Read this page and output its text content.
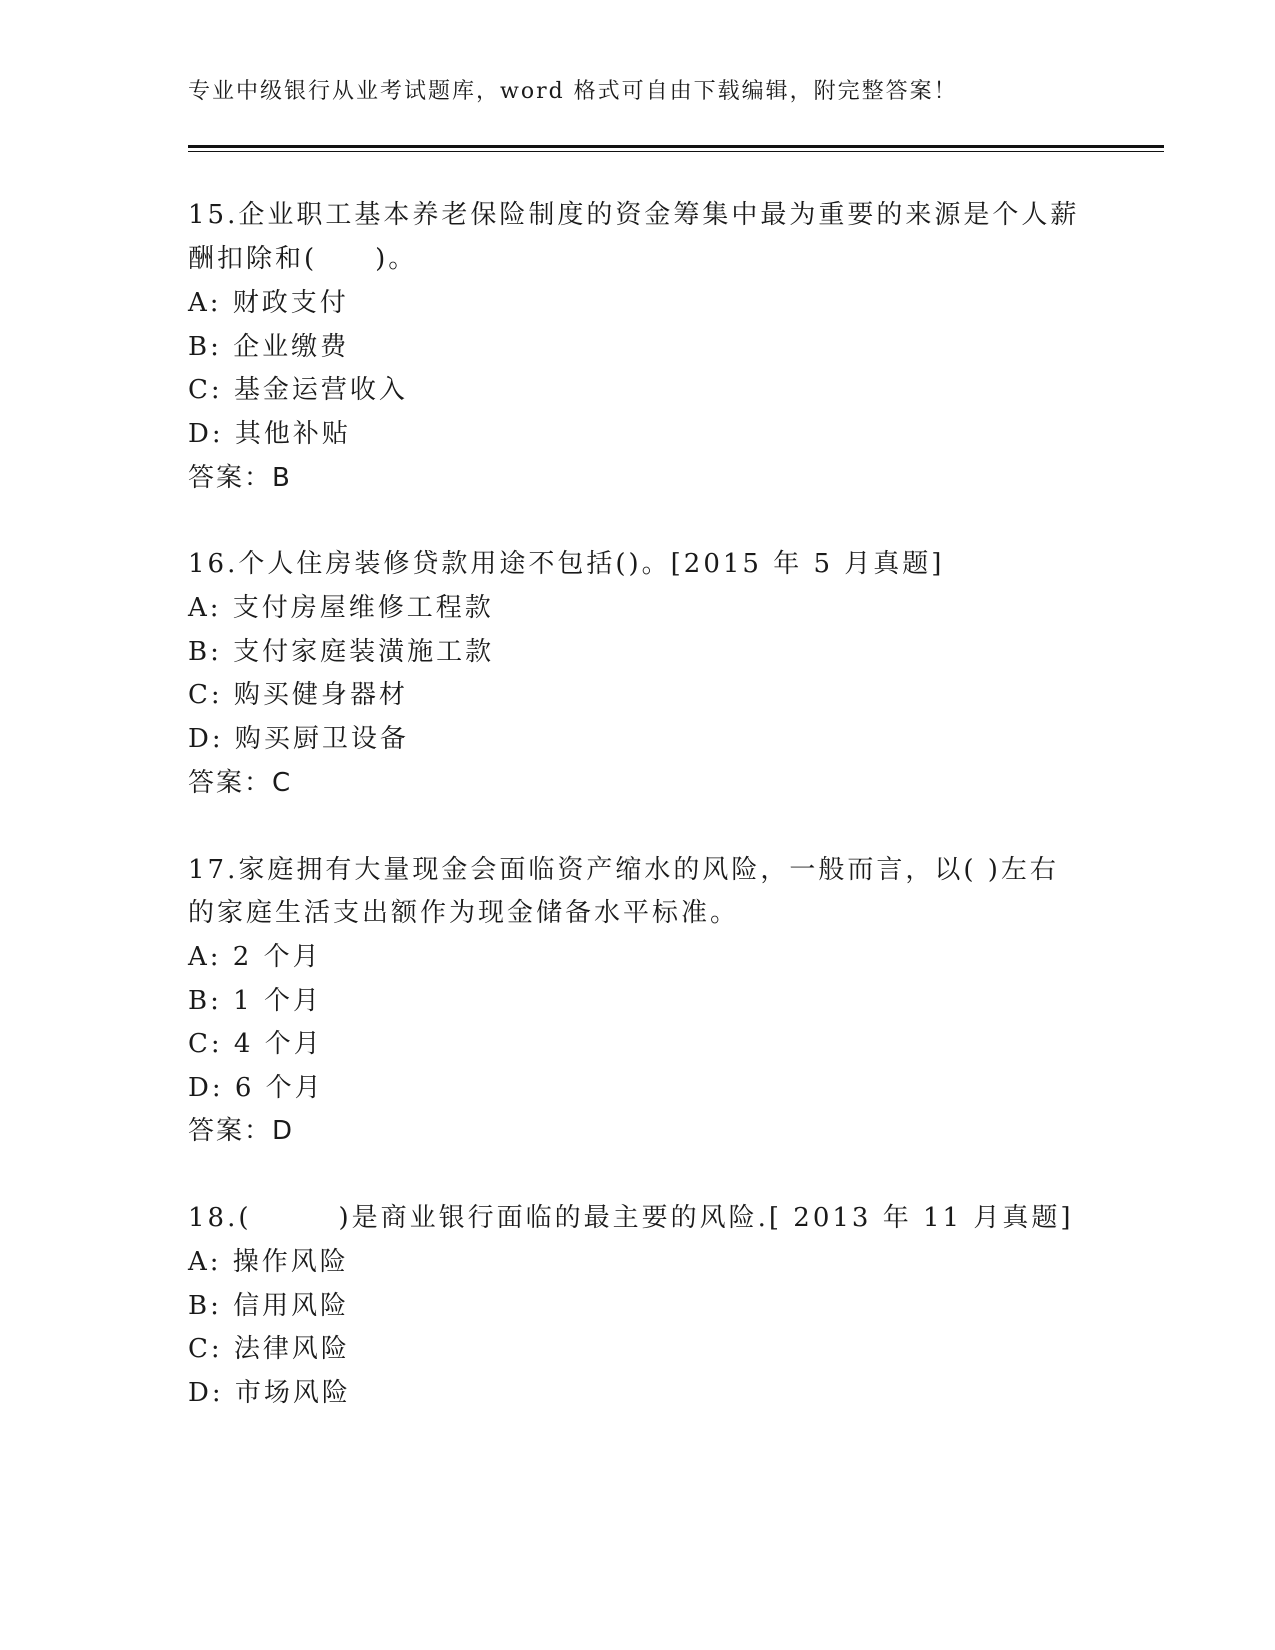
专业中级银行从业考试题库，word 格式可自由下载编辑，附完整答案！
15.企业职工基本养老保险制度的资金筹集中最为重要的来源是个人薪
酬扣除和(　　)。
A: 财政支付
B: 企业缴费
C: 基金运营收入
D: 其他补贴
答案：B
16.个人住房装修贷款用途不包括()。[2015 年 5 月真题]
A: 支付房屋维修工程款
B: 支付家庭装潢施工款
C: 购买健身器材
D: 购买厨卫设备
答案：C
17.家庭拥有大量现金会面临资产缩水的风险，一般而言，以( )左右
的家庭生活支出额作为现金储备水平标准。
A: 2 个月
B: 1 个月
C: 4 个月
D: 6 个月
答案：D
18.(　　　)是商业银行面临的最主要的风险.[ 2013 年 11 月真题]
A: 操作风险
B: 信用风险
C: 法律风险
D: 市场风险
